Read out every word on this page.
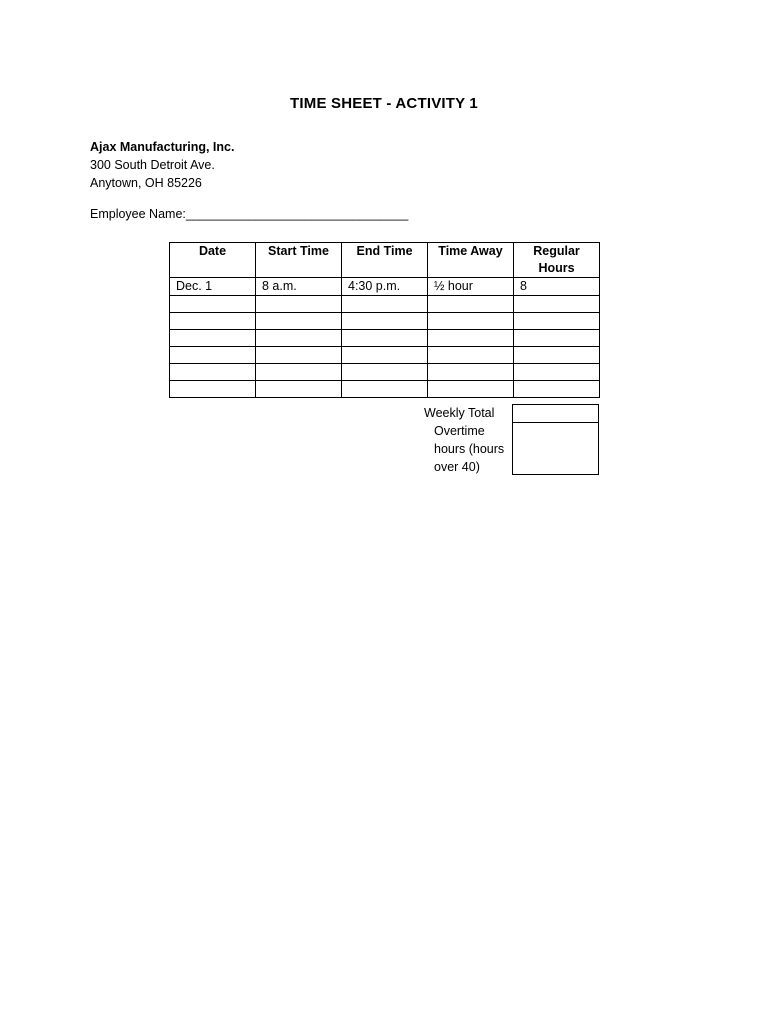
TIME SHEET - ACTIVITY 1
Ajax Manufacturing, Inc.
300 South Detroit Ave.
Anytown, OH 85226
Employee Name:________________________________
Date	Start Time	End Time	Time Away	Regular Hours
Dec. 1	8 a.m.	4:30 p.m.	½ hour	8

Weekly Total
Overtime hours (hours over 40)
